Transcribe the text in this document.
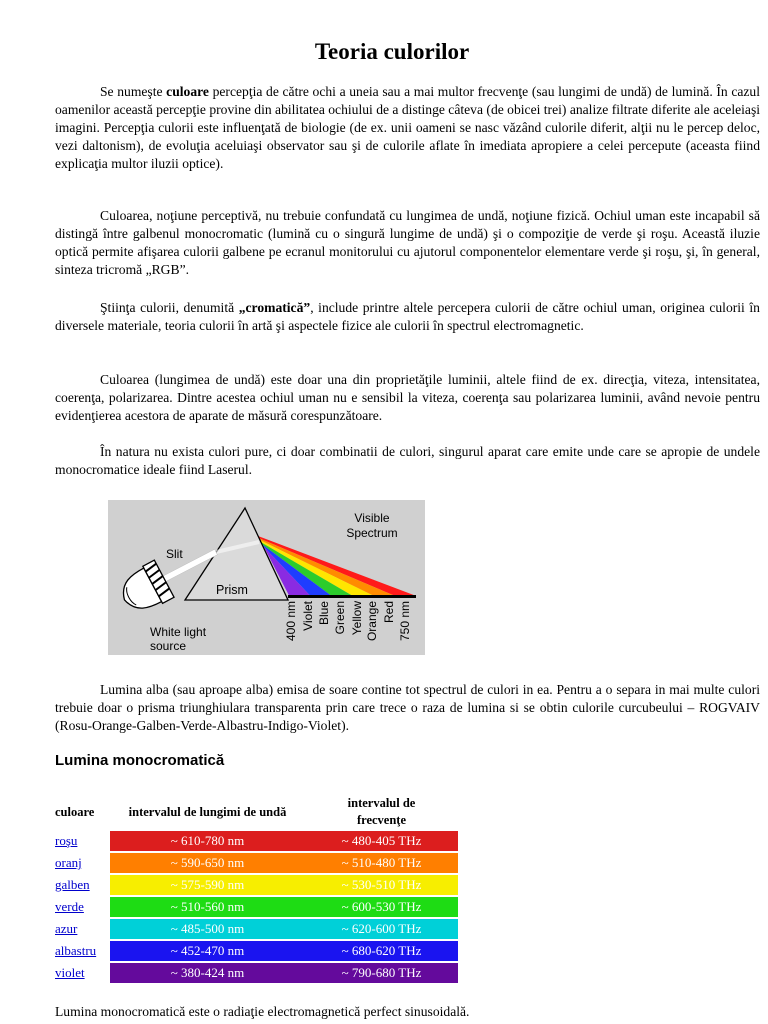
Teoria culorilor

Se numeşte culoare percepţia de către ochi a uneia sau a mai multor frecvenţe (sau lungimi de undă) de lumină. În cazul oamenilor această percepţie provine din abilitatea ochiului de a distinge câteva (de obicei trei) analize filtrate diferite ale aceleiaşi imagini. Percepţia culorii este influenţată de biologie (de ex. unii oameni se nasc văzând culorile diferit, alţii nu le percep deloc, vezi daltonism), de evoluţia aceluiaşi observator sau şi de culorile aflate în imediata apropiere a celei percepute (aceasta fiind explicaţia multor iluzii optice).

Culoarea, noţiune perceptivă, nu trebuie confundată cu lungimea de undă, noţiune fizică. Ochiul uman este incapabil să distingă între galbenul monocromatic (lumină cu o singură lungime de undă) şi o compoziţie de verde şi roşu. Această iluzie optică permite afişarea culorii galbene pe ecranul monitorului cu ajutorul componentelor elementare verde şi roşu, şi, în general, sinteza tricromă „RGB”.

Ştiinţa culorii, denumită „cromatică”, include printre altele percepera culorii de către ochiul uman, originea culorii în diversele materiale, teoria culorii în artă şi aspectele fizice ale culorii în spectrul electromagnetic.

Culoarea (lungimea de undă) este doar una din proprietăţile luminii, altele fiind de ex. direcţia, viteza, intensitatea, coerenţa, polarizarea. Dintre acestea ochiul uman nu e sensibil la viteza, coerenţa sau polarizarea luminii, având nevoie pentru evidenţierea acestora de aparate de măsură corespunzătoare.

În natura nu exista culori pure, ci doar combinatii de culori, singurul aparat care emite unde care se apropie de undele monocromatice ideale fiind Laserul.

Visible
Spectrum
Slit
Prism
White light
source
400 nm Violet Blue Green Yellow Orange Red 750 nm

Lumina alba (sau aproape alba) emisa de soare contine tot spectrul de culori in ea. Pentru a o separa in mai multe culori trebuie doar o prisma triunghiulara transparenta prin care trece o raza de lumina si se obtin culorile curcubeului – ROGVAIV (Rosu-Orange-Galben-Verde-Albastru-Indigo-Violet).

Lumina monocromatică
culoare	intervalul de lungimi de undă	intervalul de frecvenţe
roşu	~ 610-780 nm	~ 480-405 THz
oranj	~ 590-650 nm	~ 510-480 THz
galben	~ 575-590 nm	~ 530-510 THz
verde	~ 510-560 nm	~ 600-530 THz
azur	~ 485-500 nm	~ 620-600 THz
albastru	~ 452-470 nm	~ 680-620 THz
violet	~ 380-424 nm	~ 790-680 THz

Lumina monocromatică este o radiaţie electromagnetică perfect sinusoidală.
